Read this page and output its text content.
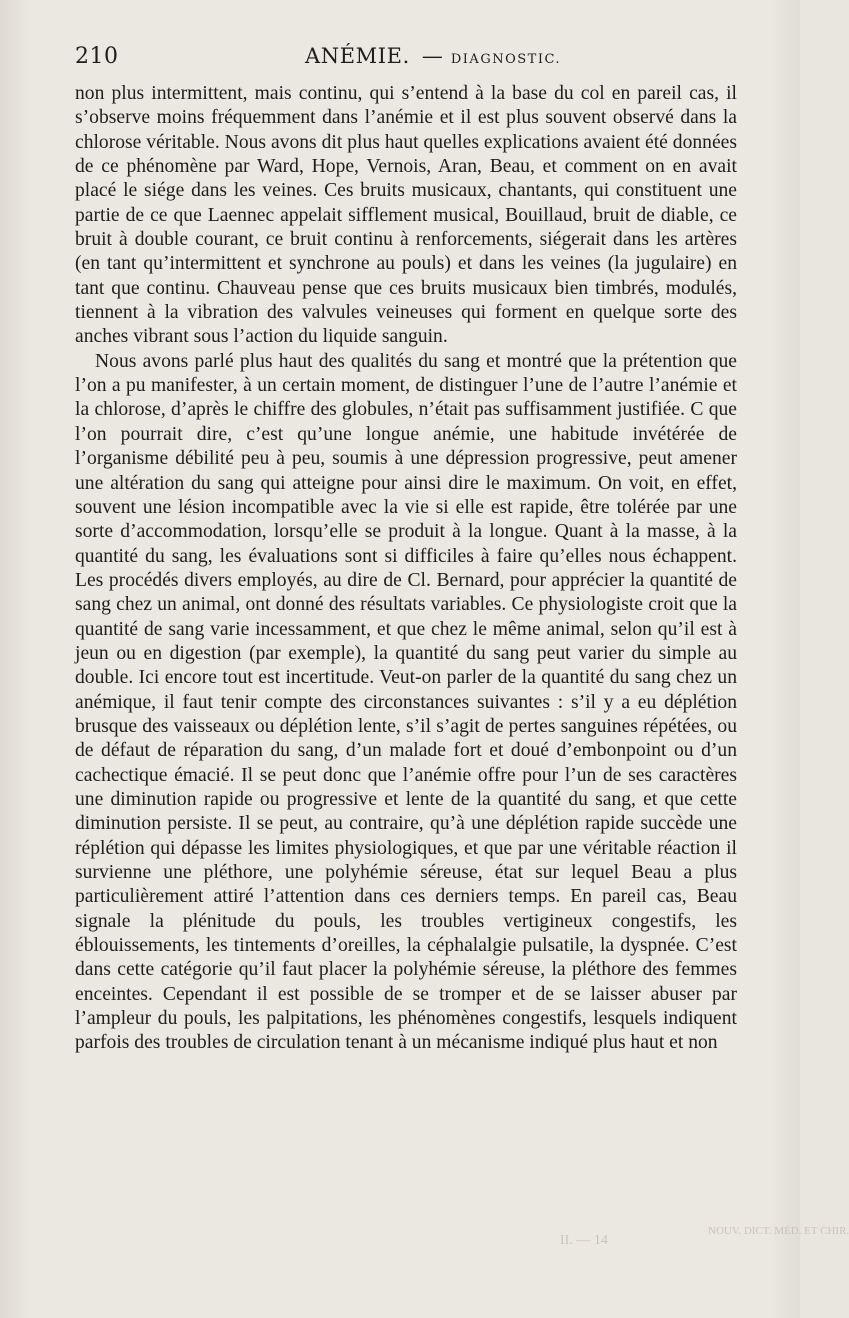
210	ANÉMIE. — DIAGNOSTIC.

non plus intermittent, mais continu, qui s’entend à la base du col en pareil cas, il s’observe moins fréquemment dans l’anémie et il est plus souvent observé dans la chlorose véritable. Nous avons dit plus haut quelles explications avaient été données de ce phénomène par Ward, Hope, Vernois, Aran, Beau, et comment on en avait placé le siége dans les veines. Ces bruits musicaux, chantants, qui constituent une partie de ce que Laennec appelait sifflement musical, Bouillaud, bruit de diable, ce bruit à double courant, ce bruit continu à renforcements, siégerait dans les artères (en tant qu’intermittent et synchrone au pouls) et dans les veines (la jugulaire) en tant que continu. Chauveau pense que ces bruits musicaux bien timbrés, modulés, tiennent à la vibration des valvules veineuses qui forment en quelque sorte des anches vibrant sous l’action du liquide sanguin.

Nous avons parlé plus haut des qualités du sang et montré que la prétention que l’on a pu manifester, à un certain moment, de distinguer l’une de l’autre l’anémie et la chlorose, d’après le chiffre des globules, n’était pas suffisamment justifiée. C que l’on pourrait dire, c’est qu’une longue anémie, une habitude invétérée de l’organisme débilité peu à peu, soumis à une dépression progressive, peut amener une altération du sang qui atteigne pour ainsi dire le maximum. On voit, en effet, souvent une lésion incompatible avec la vie si elle est rapide, être tolérée par une sorte d’accommodation, lorsqu’elle se produit à la longue. Quant à la masse, à la quantité du sang, les évaluations sont si difficiles à faire qu’elles nous échappent. Les procédés divers employés, au dire de Cl. Bernard, pour apprécier la quantité de sang chez un animal, ont donné des résultats variables. Ce physiologiste croit que la quantité de sang varie incessamment, et que chez le même animal, selon qu’il est à jeun ou en digestion (par exemple), la quantité du sang peut varier du simple au double. Ici encore tout est incertitude. Veut-on parler de la quantité du sang chez un anémique, il faut tenir compte des circonstances suivantes : s’il y a eu déplétion brusque des vaisseaux ou déplétion lente, s’il s’agit de pertes sanguines répétées, ou de défaut de réparation du sang, d’un malade fort et doué d’embonpoint ou d’un cachectique émacié. Il se peut donc que l’anémie offre pour l’un de ses caractères une diminution rapide ou progressive et lente de la quantité du sang, et que cette diminution persiste. Il se peut, au contraire, qu’à une déplétion rapide succède une réplétion qui dépasse les limites physiologiques, et que par une véritable réaction il survienne une pléthore, une polyhémie séreuse, état sur lequel Beau a plus particulièrement attiré l’attention dans ces derniers temps. En pareil cas, Beau signale la plénitude du pouls, les troubles vertigineux congestifs, les éblouissements, les tintements d’oreilles, la céphalalgie pulsatile, la dyspnée. C’est dans cette catégorie qu’il faut placer la polyhémie séreuse, la pléthore des femmes enceintes. Cependant il est possible de se tromper et de se laisser abuser par l’ampleur du pouls, les palpitations, les phénomènes congestifs, lesquels indiquent parfois des troubles de circulation tenant à un mécanisme indiqué plus haut et non

II. — 14
NOUV. DICT. MÉD. ET CHIR.
